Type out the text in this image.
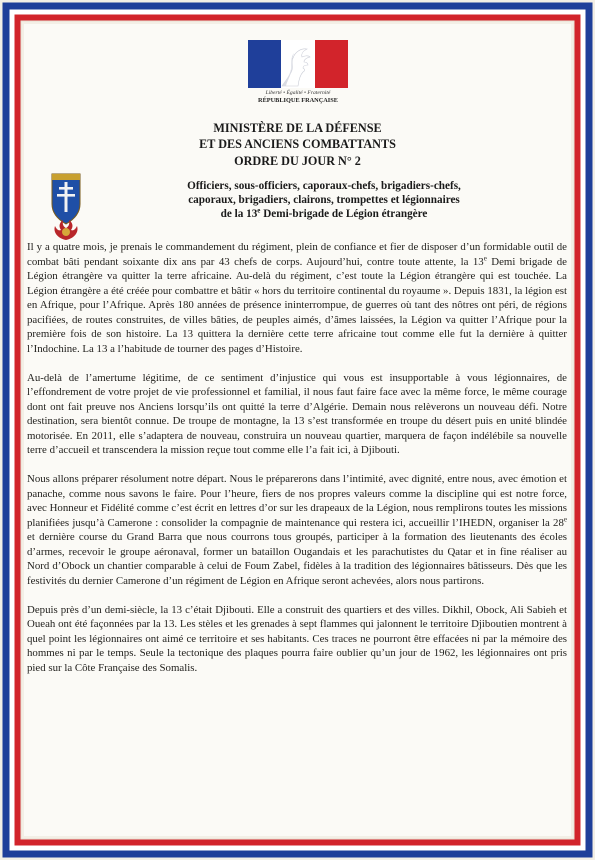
Liberté • Égalité • Fraternité
RÉPUBLIQUE FRANÇAISE
MINISTÈRE DE LA DÉFENSE
ET DES ANCIENS COMBATTANTS
ORDRE DU JOUR N° 2

Officiers, sous-officiers, caporaux-chefs, brigadiers-chefs,

caporaux, brigadiers, clairons, trompettes et légionnaires

de la 13e Demi-brigade de Légion étrangère

Il y a quatre mois, je prenais le commandement du régiment, plein de confiance et fier de disposer d’un formidable outil de combat bâti pendant soixante dix ans par 43 chefs de corps. Aujourd’hui, contre toute attente, la 13e Demi brigade de Légion étrangère va quitter la terre africaine. Au-delà du régiment, c’est toute la Légion étrangère qui est touchée. La Légion étrangère a été créée pour combattre et bâtir « hors du territoire continental du royaume ». Depuis 1831, la légion est en Afrique, pour l’Afrique. Après 180 années de présence ininterrompue, de guerres où tant des nôtres ont péri, de régions pacifiées, de routes construites, de villes bâties, de peuples aimés, d’âmes laissées, la Légion va quitter l’Afrique pour la première fois de son histoire. La 13 quittera la dernière cette terre africaine tout comme elle fut la dernière à quitter l’Indochine. La 13 a l’habitude de tourner des pages d’Histoire.

Au-delà de l’amertume légitime, de ce sentiment d’injustice qui vous est insupportable à vous légionnaires, de l’effondrement de votre projet de vie professionnel et familial, il nous faut faire face avec la même force, le même courage dont ont fait preuve nos Anciens lorsqu’ils ont quitté la terre d’Algérie. Demain nous relèverons un nouveau défi. Notre destination, sera bientôt connue. De troupe de montagne, la 13 s’est transformée en troupe du désert puis en unité blindée motorisée. En 2011, elle s’adaptera de nouveau, construira un nouveau quartier, marquera de façon indélébile sa nouvelle terre d’accueil et transcendera la mission reçue tout comme elle l’a fait ici, à Djibouti.

Nous allons préparer résolument notre départ. Nous le préparerons dans l’intimité, avec dignité, entre nous, avec émotion et panache, comme nous savons le faire. Pour l’heure, fiers de nos propres valeurs comme la discipline qui est notre force, avec Honneur et Fidélité comme c’est écrit en lettres d’or sur les drapeaux de la Légion, nous remplirons toutes les missions planifiées jusqu’à Camerone : consolider la compagnie de maintenance qui restera ici, accueillir l’IHEDN, organiser la 28e et dernière course du Grand Barra que nous courrons tous groupés, participer à la formation des lieutenants des écoles d’armes, recevoir le groupe aéronaval, former un bataillon Ougandais et les parachutistes du Qatar et in fine réaliser au Nord d’Obock un chantier comparable à celui de Foum Zabel, fidèles à la tradition des légionnaires bâtisseurs. Dès que les festivités du dernier Camerone d’un régiment de Légion en Afrique seront achevées, alors nous partirons.

Depuis près d’un demi-siècle, la 13 c’était Djibouti. Elle a construit des quartiers et des villes. Dikhil, Obock, Ali Sabieh et Oueah ont été façonnées par la 13. Les stèles et les grenades à sept flammes qui jalonnent le territoire Djiboutien montrent à quel point les légionnaires ont aimé ce territoire et ses habitants. Ces traces ne pourront être effacées ni par la mémoire des hommes ni par le temps. Seule la tectonique des plaques pourra faire oublier qu’un jour de 1962, les légionnaires ont pris pied sur la Côte Française des Somalis.
